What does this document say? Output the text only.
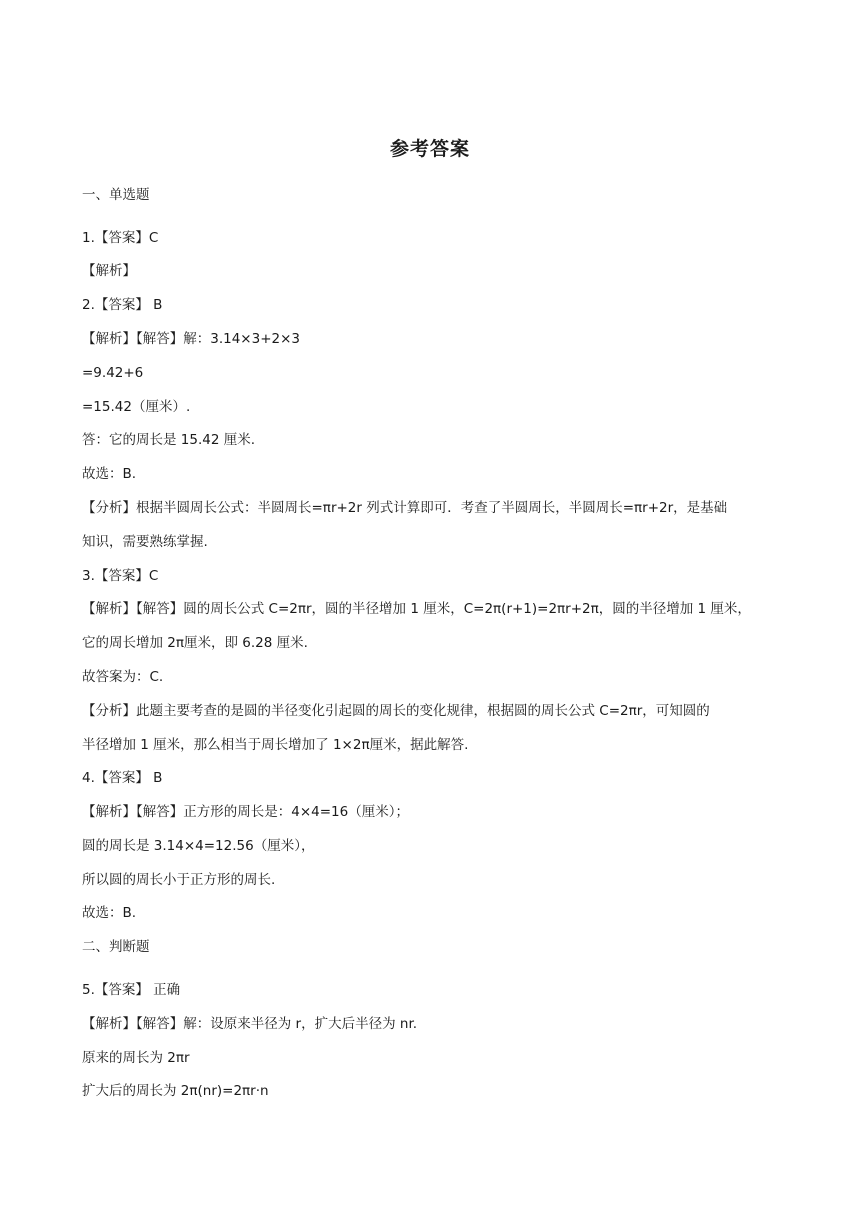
参考答案
一、单选题
1.【答案】C
【解析】
2.【答案】 B
【解析】【解答】解：3.14×3+2×3
=9.42+6
=15.42（厘米）.
答：它的周长是 15.42 厘米.
故选：B.
【分析】根据半圆周长公式：半圆周长=πr+2r 列式计算即可．考查了半圆周长，半圆周长=πr+2r，是基础
知识，需要熟练掌握.
3.【答案】C
【解析】【解答】圆的周长公式 C=2πr，圆的半径增加 1 厘米，C=2π(r+1)=2πr+2π，圆的半径增加 1 厘米，
它的周长增加 2π厘米，即 6.28 厘米.
故答案为：C.
【分析】此题主要考查的是圆的半径变化引起圆的周长的变化规律，根据圆的周长公式 C=2πr，可知圆的
半径增加 1 厘米，那么相当于周长增加了 1×2π厘米，据此解答.
4.【答案】 B
【解析】【解答】正方形的周长是：4×4=16（厘米）；
圆的周长是 3.14×4=12.56（厘米），
所以圆的周长小于正方形的周长.
故选：B.
二、判断题
5.【答案】 正确
【解析】【解答】解：设原来半径为 r，扩大后半径为 nr.
原来的周长为 2πr
扩大后的周长为 2π(nr)=2πr·n
